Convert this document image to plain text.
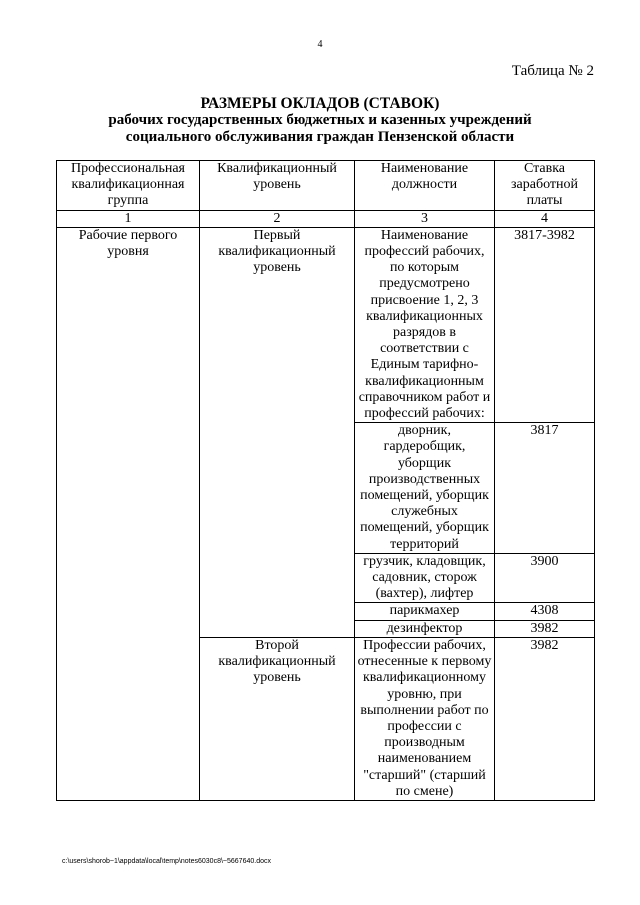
4
Таблица № 2
РАЗМЕРЫ ОКЛАДОВ (СТАВОК)
рабочих государственных бюджетных и казенных учреждений
социального обслуживания граждан Пензенской области
Профессиональная квалификационная группа	Квалификационный уровень	Наименование должности	Ставка заработной платы

1	2	3	4

Рабочие первого уровня	Первый квалификационный уровень	Наименование профессий рабочих, по которым предусмотрено присвоение 1, 2, 3 квалификационных разрядов в соответствии с Единым тарифно-квалификационным справочником работ и профессий рабочих:	3817-3982

		дворник, гардеробщик, уборщик производственных помещений, уборщик служебных помещений, уборщик территорий	3817

		грузчик, кладовщик, садовник, сторож (вахтер), лифтер	3900
		парикмахер	4308
		дезинфектор	3982

	Второй квалификационный уровень	Профессии рабочих, отнесенные к первому квалификационному уровню, при выполнении работ по профессии с производным наименованием "старший" (старший по смене)	3982
c:\users\shorob~1\appdata\local\temp\notes6030c8\~5667640.docx
